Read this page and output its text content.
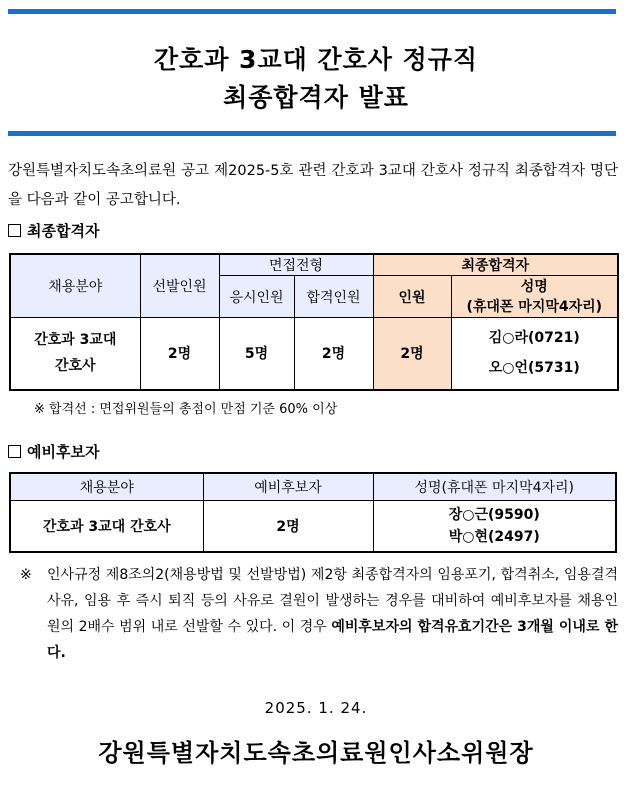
간호과 3교대 간호사 정규직
최종합격자 발표
강원특별자치도속초의료원 공고 제2025-5호 관련 간호과 3교대 간호사 정규직 최종합격자 명단을 다음과 같이 공고합니다.
최종합격자
채용분야	선발인원	면접전형		최종합격자	
		응시인원	합격인원	인원	성명
(휴대폰 마지막4자리)

간호과 3교대
간호사	2명	5명	2명	2명	김○라(0721)
오○언(5731)
※ 합격선 : 면접위원들의 총점이 만점 기준 60% 이상
예비후보자
채용분야	예비후보자	성명(휴대폰 마지막4자리)
간호과 3교대 간호사	2명	장○근(9590)
박○현(2497)
※ 인사규정 제8조의2(채용방법 및 선발방법) 제2항 최종합격자의 임용포기, 합격취소, 임용결격 사유, 임용 후 즉시 퇴직 등의 사유로 결원이 발생하는 경우를 대비하여 예비후보자를 채용인원의 2배수 범위 내로 선발할 수 있다. 이 경우 예비후보자의 합격유효기간은 3개월 이내로 한다.
2025. 1. 24.
강원특별자치도속초의료원인사소위원장
